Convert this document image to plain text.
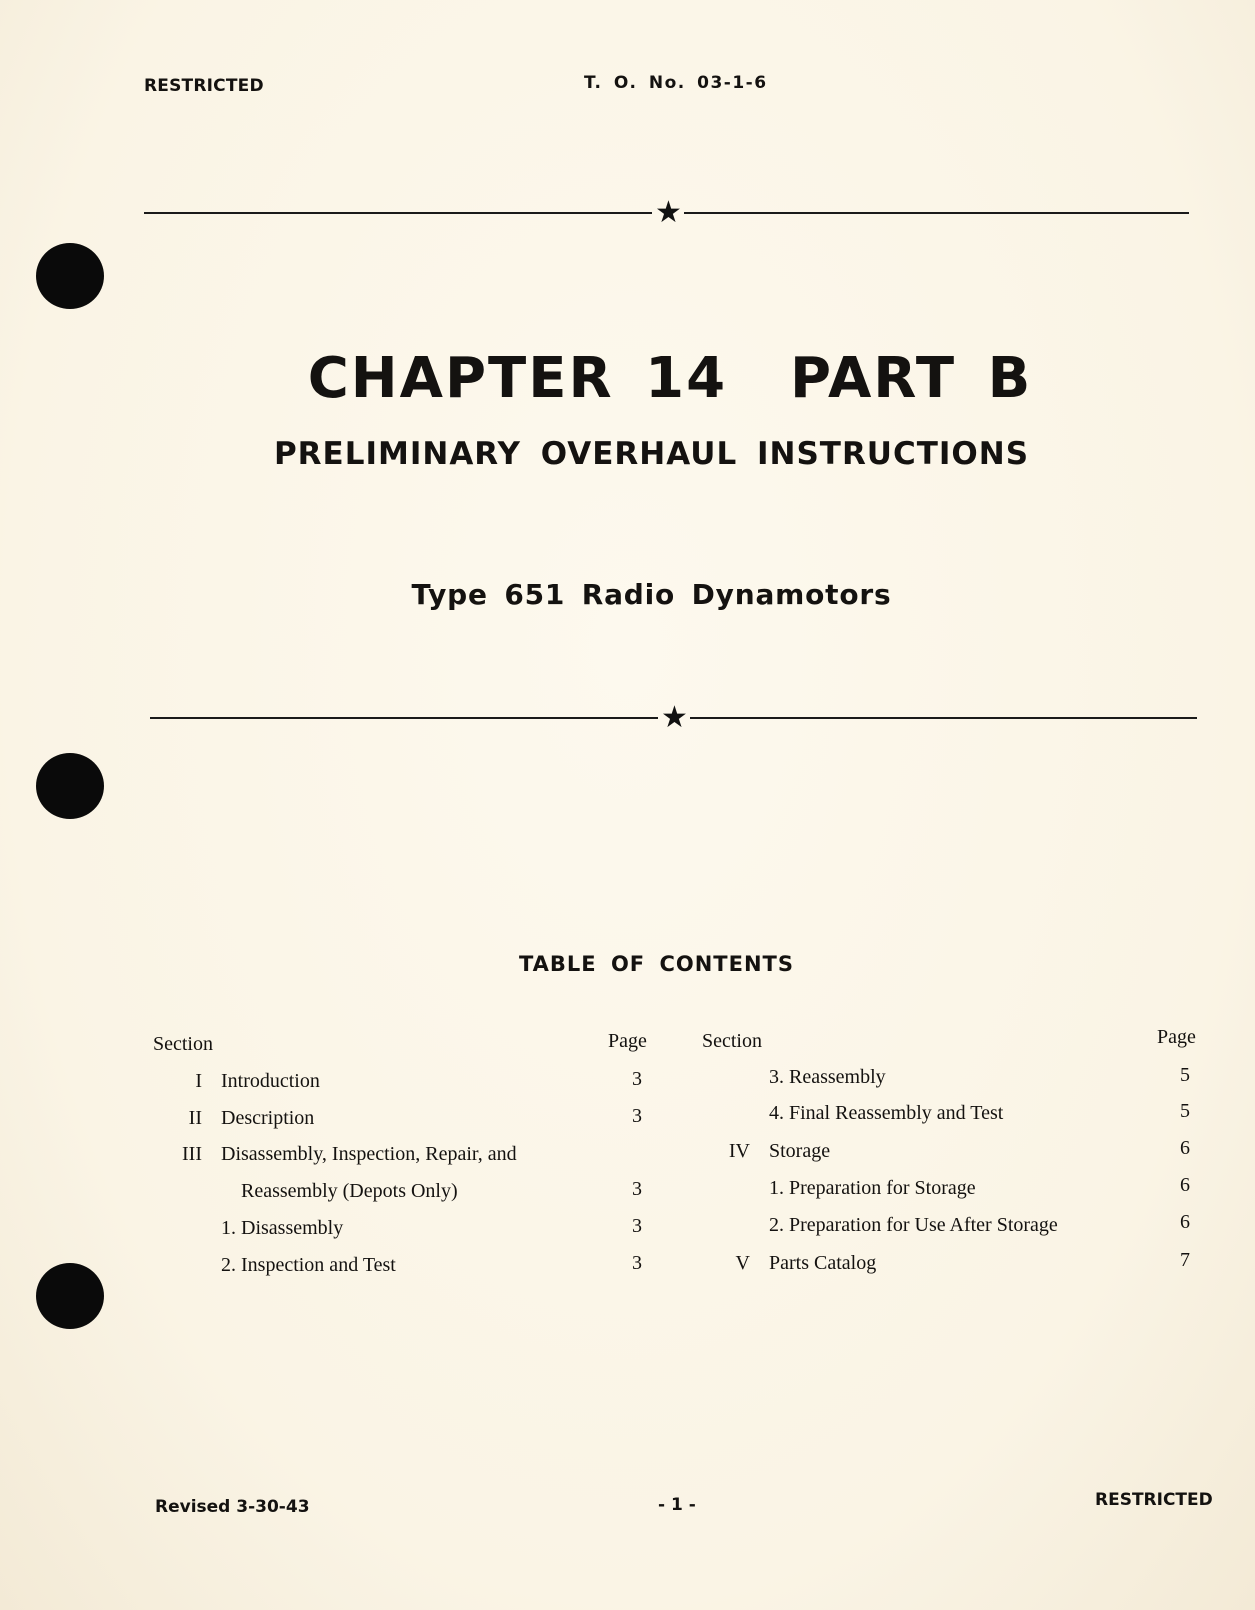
RESTRICTED	T. O. No. 03-1-6
★
CHAPTER 14  PART B
PRELIMINARY OVERHAUL INSTRUCTIONS
Type 651 Radio Dynamotors
★
TABLE OF CONTENTS
Section	Page
I Introduction	3
II Description	3
III Disassembly, Inspection, Repair, and
Reassembly (Depots Only)	3
1. Disassembly	3
2. Inspection and Test	3
Section	Page
3. Reassembly	5
4. Final Reassembly and Test	5
IV Storage	6
1. Preparation for Storage	6
2. Preparation for Use After Storage	6
V Parts Catalog	7
Revised 3-30-43	- 1 -	RESTRICTED
